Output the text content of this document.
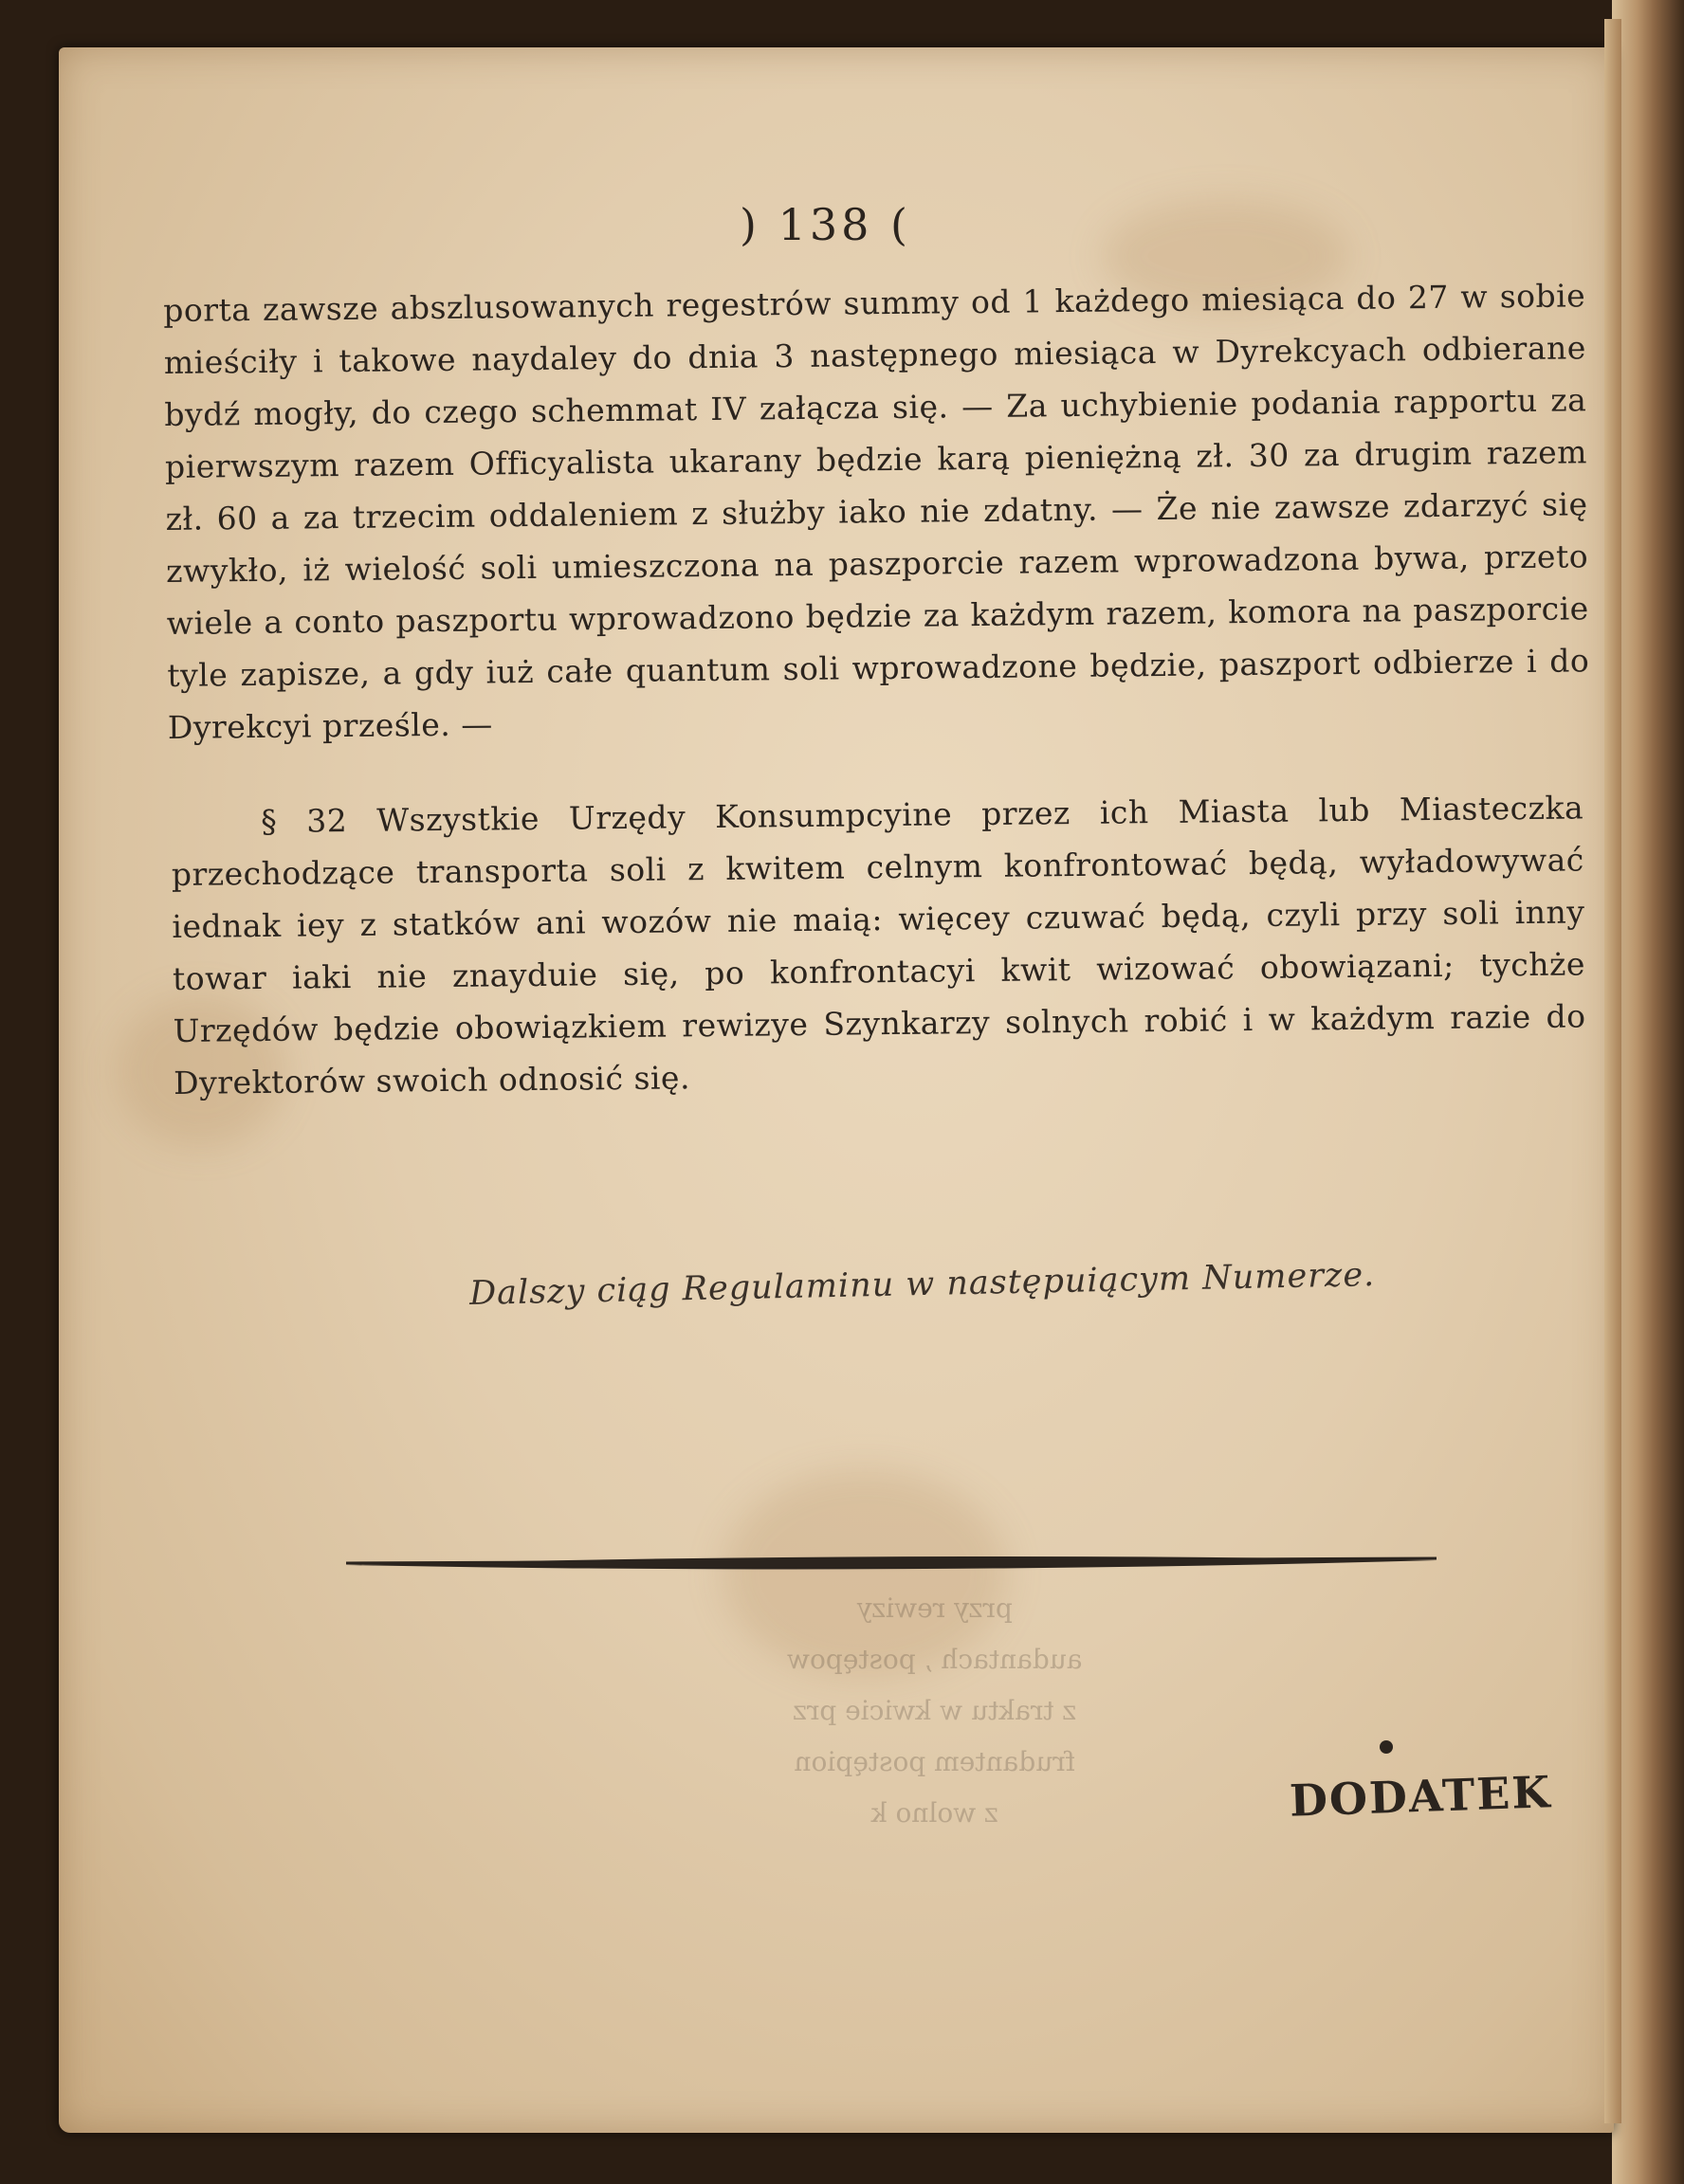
) 138 (
porta zawsze abszlusowanych regestrów summy od 1 każdego miesiąca do 27 w sobie mieściły i takowe naydaley do dnia 3 następnego miesiąca w Dyrekcyach odbierane bydź mogły, do czego schemmat IV załącza się. — Za uchybienie podania rapportu za pierwszym razem Officyalista ukarany będzie karą pieniężną zł. 30 za drugim razem zł. 60 a za trzecim oddaleniem z służby iako nie zdatny. — Że nie zawsze zdarzyć się zwykło, iż wielość soli umieszczona na paszporcie razem wprowadzona bywa, przeto wiele a conto paszportu wprowadzono będzie za każdym razem, komora na paszporcie tyle zapisze, a gdy iuż całe quantum soli wprowadzone będzie, paszport odbierze i do Dyrekcyi prześle. —
§ 32 Wszystkie Urzędy Konsumpcyine przez ich Miasta lub Miasteczka przechodzące transporta soli z kwitem celnym konfrontować będą, wyładowywać iednak iey z statków ani wozów nie maią: więcey czuwać będą, czyli przy soli inny towar iaki nie znayduie się, po konfrontacyi kwit wizować obowiązani; tychże Urzędów będzie obowiązkiem rewizye Szynkarzy solnych robić i w każdym razie do Dyrektorów swoich odnosić się.
Dalszy ciąg Regulaminu w następuiącym Numerze.
przy rewizy
audantach , postępow
z traktu w kwicie prz
frudantem postępion
z wolno k	DODATEK
